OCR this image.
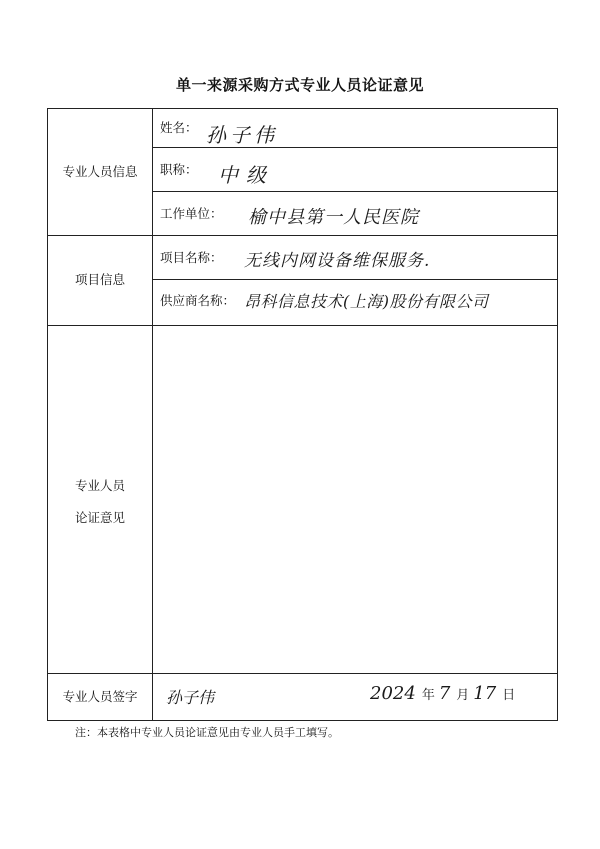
单一来源采购方式专业人员论证意见
专业人员信息
项目信息
专业人员
论证意见
专业人员签字
姓名： 孙子伟
职称： 中级
工作单位： 榆中县第一人民医院
项目名称： 无线内网设备维保服务.
供应商名称： 昂科信息技术(上海)股份有限公司
孙子伟	2024 年 7 月 17 日
注：本表格中专业人员论证意见由专业人员手工填写。
